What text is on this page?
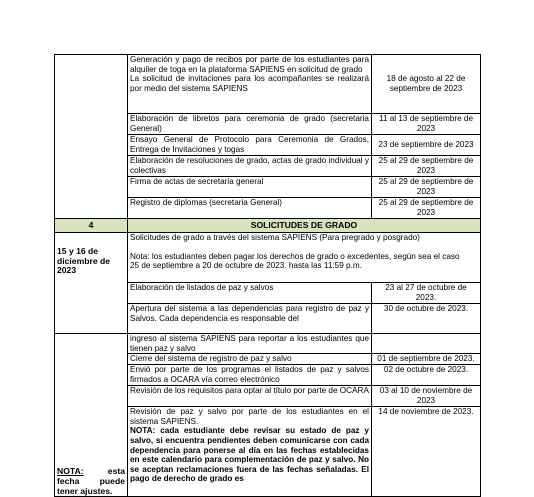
	Generación y pago de recibos por parte de los estudiantes para alquiler de toga en la plataforma SAPIENS en solicitud de grado
La solicitud de invitaciones para los acompañantes se realizará por medio del sistema SAPIENS	18 de agosto al 22 de septiembre de 2023
	Elaboración de libretos para ceremonia de grado (secretaria General)	11 al 13 de septiembre de 2023
	Ensayo General de Protocolo para Ceremonia de Grados, Entrega de Invitaciones y togas	23 de septiembre de 2023
	Elaboración de resoluciones de grado, actas de grado individual y colectivas	25 al 29 de septiembre de 2023
	Firma de actas de secretaria general	25 al 29 de septiembre de 2023
	Registro de diplomas (secretaria General)	25 al 29 de septiembre de 2023
4	SOLICITUDES DE GRADO	

15 y 16 de diciembre de 2023	Solicitudes de grado a través del sistema SAPIENS (Para pregrado y posgrado)
Nota: los estudiantes deben pagar los derechos de grado o excedentes, según sea el caso
25 de septiembre a 20 de octubre de 2023. hasta las 11:59 p.m.	

	Elaboración de listados de paz y salvos	23 al 27 de octubre de 2023.
	Apertura del sistema a las dependencias para registro de paz y Salvos. Cada dependencia es responsable del	30 de octubre de 2023.

NOTA: esta fecha puede tener ajustes.	ingreso al sistema SAPIENS para reportar a los estudiantes que tienen paz y salvo	
	Cierre del sistema de registro de paz y salvo	01 de septiembre de 2023.
	Envió por parte de los programas el listados de paz y salvos firmados a OCARA vía correo electrónico	02 de octubre de 2023.
	Revisión de los requisitos para optar al título por parte de OCARA	03 al 10 de noviembre de 2023

	Revisión de paz y salvo por parte de los estudiantes en el sistema SAPIENS.
NOTA: cada estudiante debe revisar su estado de paz y salvo, si encuentra pendientes deben comunicarse con cada dependencia para ponerse al día en las fechas establecidas en este calendario para complementación de paz y salvo. No se aceptan reclamaciones fuera de las fechas señaladas. El pago de derecho de grado es	14 de noviembre de 2023.
